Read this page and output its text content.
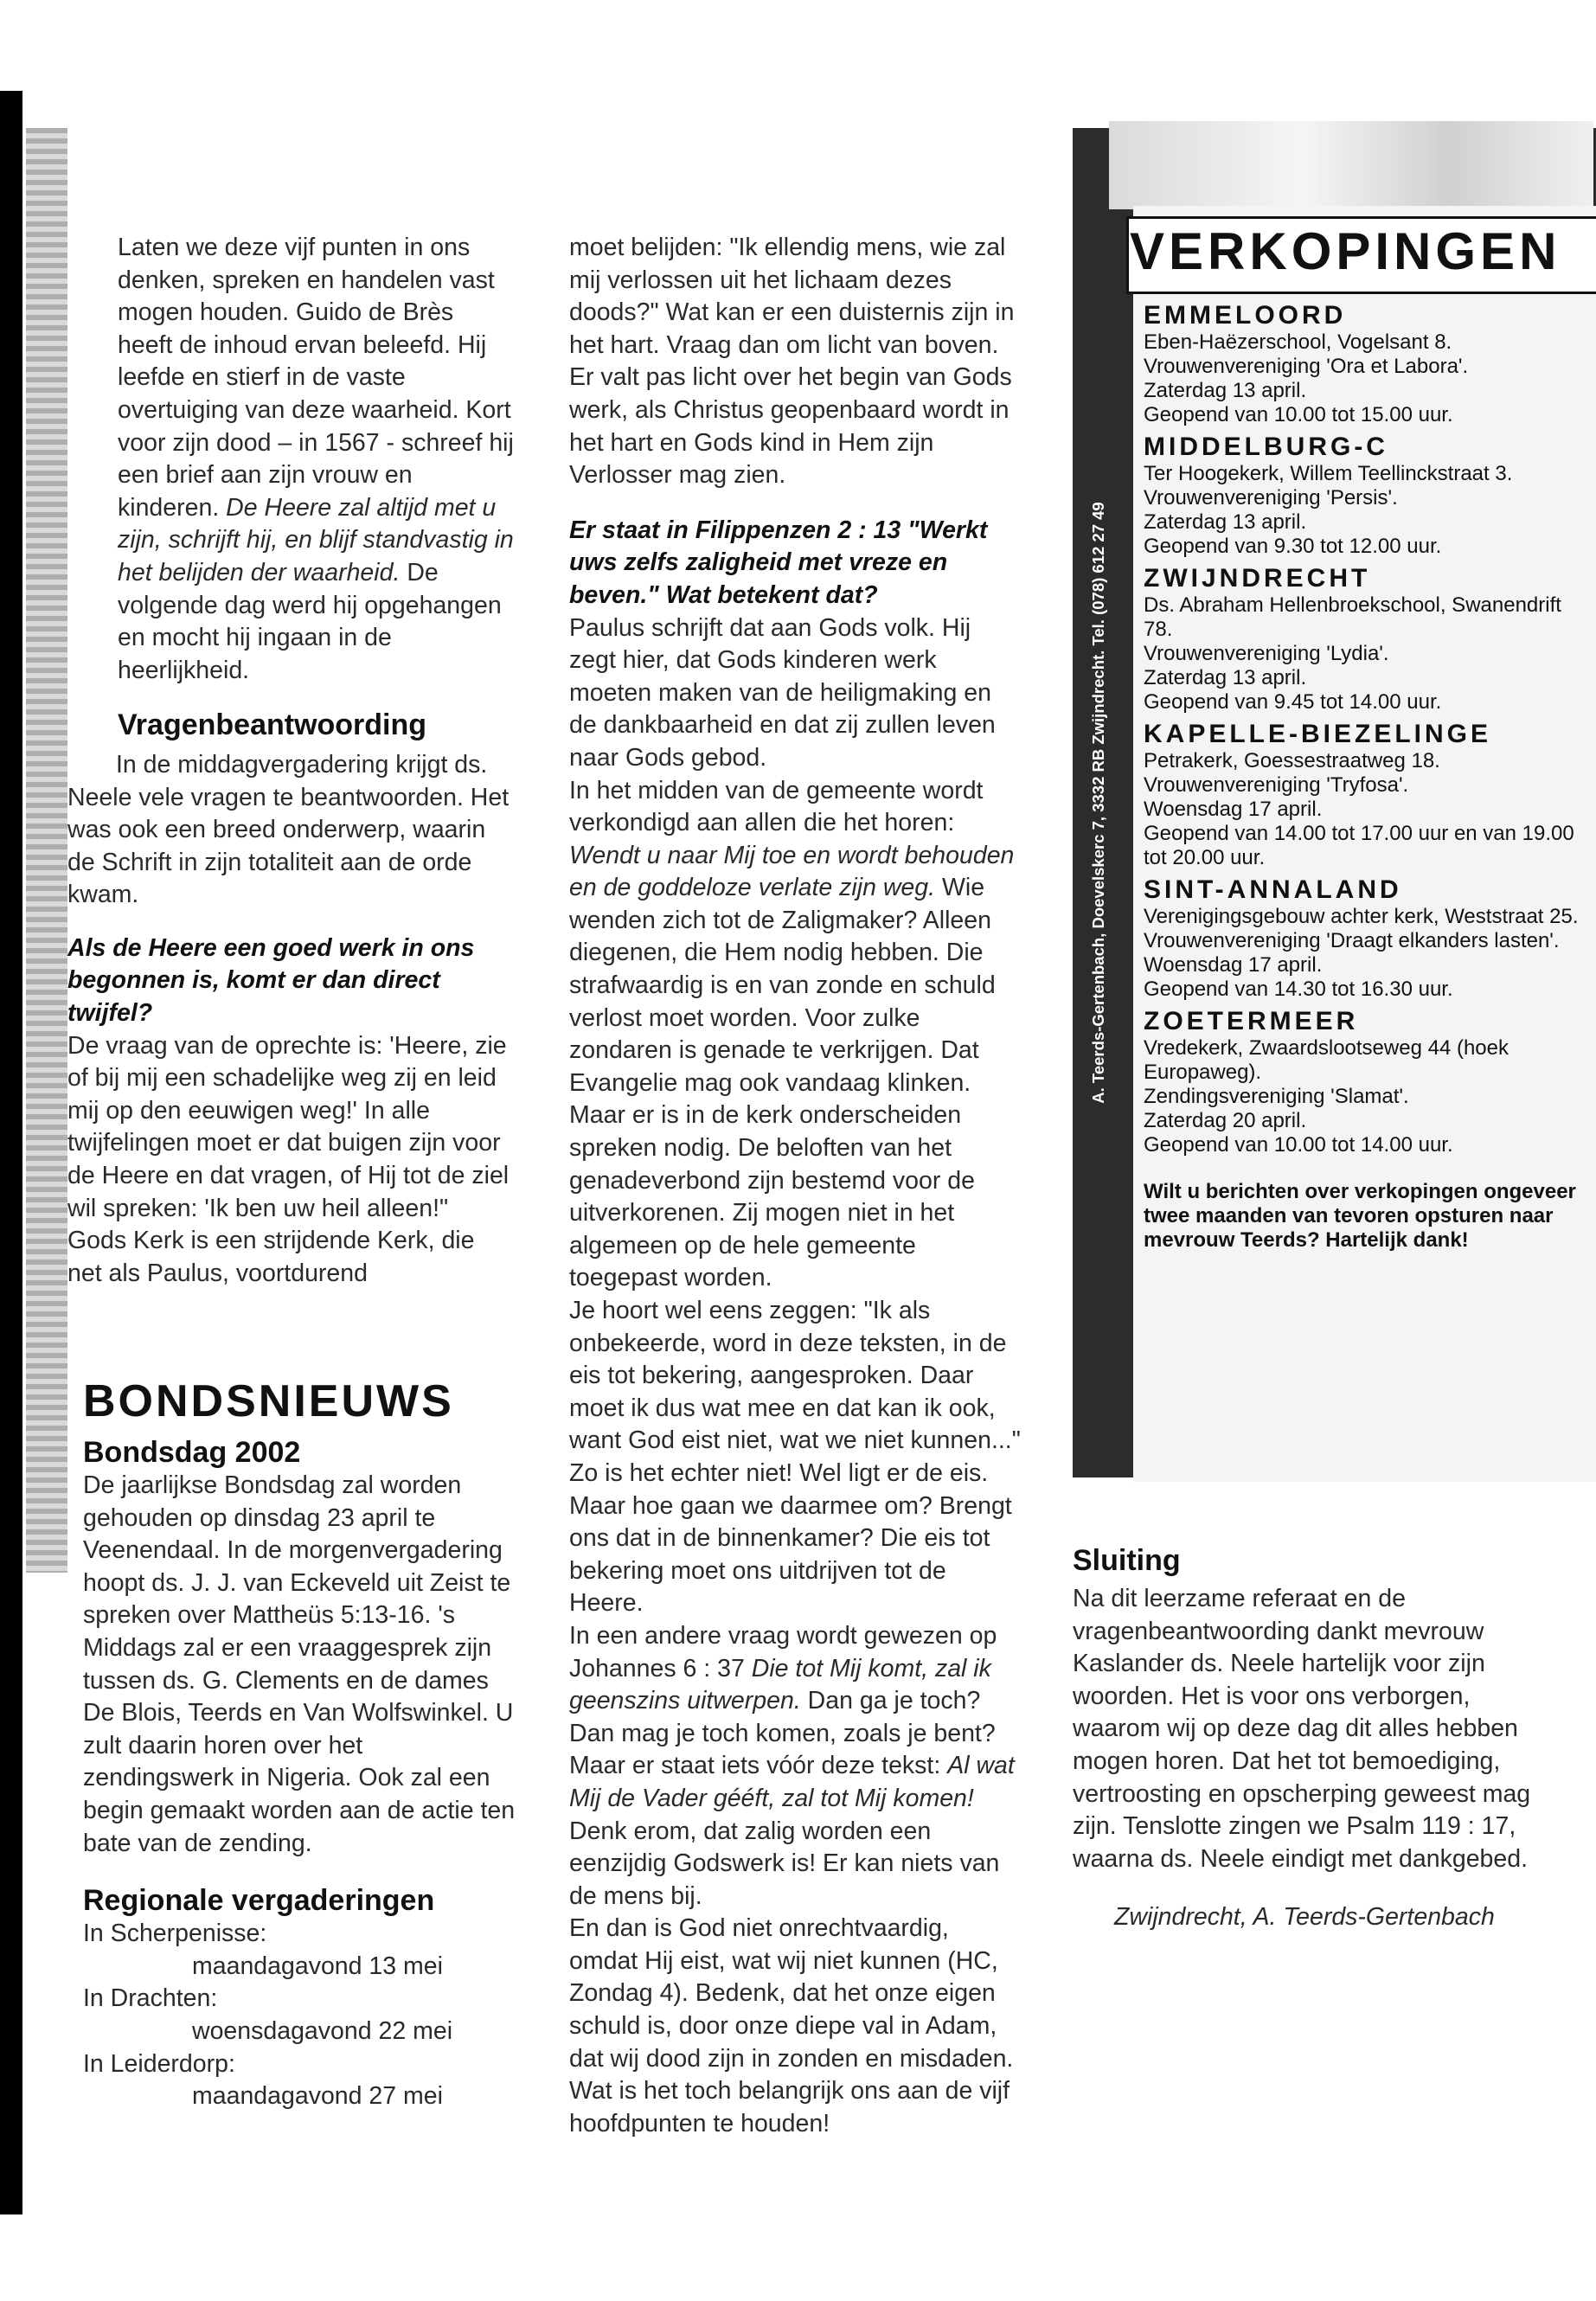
Laten we deze vijf punten in ons denken, spreken en handelen vast mogen houden. Guido de Brès heeft de inhoud ervan beleefd. Hij leefde en stierf in de vaste overtuiging van deze waarheid. Kort voor zijn dood – in 1567 - schreef hij een brief aan zijn vrouw en kinderen. De Heere zal altijd met u zijn, schrijft hij, en blijf standvastig in het belijden der waarheid. De volgende dag werd hij opgehangen en mocht hij ingaan in de heerlijkheid.

Vragenbeantwoording

In de middagvergadering krijgt ds. Neele vele vragen te beantwoorden. Het was ook een breed onderwerp, waarin de Schrift in zijn totaliteit aan de orde kwam.

Als de Heere een goed werk in ons begonnen is, komt er dan direct twijfel?

De vraag van de oprechte is: 'Heere, zie of bij mij een schadelijke weg zij en leid mij op den eeuwigen weg!' In alle twijfelingen moet er dat buigen zijn voor de Heere en dat vragen, of Hij tot de ziel wil spreken: 'Ik ben uw heil alleen!" Gods Kerk is een strijdende Kerk, die net als Paulus, voortdurend

BONDSNIEUWS
Bondsdag 2002
De jaarlijkse Bondsdag zal worden gehouden op dinsdag 23 april te Veenendaal. In de morgenvergadering hoopt ds. J. J. van Eckeveld uit Zeist te spreken over Mattheüs 5:13-16. 's Middags zal er een vraaggesprek zijn tussen ds. G. Clements en de dames De Blois, Teerds en Van Wolfswinkel. U zult daarin horen over het zendingswerk in Nigeria. Ook zal een begin gemaakt worden aan de actie ten bate van de zending.
Regionale vergaderingen
In Scherpenisse:
maandagavond 13 mei
In Drachten:
woensdagavond 22 mei
In Leiderdorp:
maandagavond 27 mei

moet belijden: "Ik ellendig mens, wie zal mij verlossen uit het lichaam dezes doods?" Wat kan er een duisternis zijn in het hart. Vraag dan om licht van boven. Er valt pas licht over het begin van Gods werk, als Christus geopenbaard wordt in het hart en Gods kind in Hem zijn Verlosser mag zien.

Er staat in Filippenzen 2 : 13 "Werkt uws zelfs zaligheid met vreze en beven." Wat betekent dat?

Paulus schrijft dat aan Gods volk. Hij zegt hier, dat Gods kinderen werk moeten maken van de heiligmaking en de dankbaarheid en dat zij zullen leven naar Gods gebod.

In het midden van de gemeente wordt verkondigd aan allen die het horen: Wendt u naar Mij toe en wordt behouden en de goddeloze verlate zijn weg. Wie wenden zich tot de Zaligmaker? Alleen diegenen, die Hem nodig hebben. Die strafwaardig is en van zonde en schuld verlost moet worden. Voor zulke zondaren is genade te verkrijgen. Dat Evangelie mag ook vandaag klinken. Maar er is in de kerk onderscheiden spreken nodig. De beloften van het genadeverbond zijn bestemd voor de uitverkorenen. Zij mogen niet in het algemeen op de hele gemeente toegepast worden.

Je hoort wel eens zeggen: "Ik als onbekeerde, word in deze teksten, in de eis tot bekering, aangesproken. Daar moet ik dus wat mee en dat kan ik ook, want God eist niet, wat we niet kunnen..." Zo is het echter niet! Wel ligt er de eis. Maar hoe gaan we daarmee om? Brengt ons dat in de binnenkamer? Die eis tot bekering moet ons uitdrijven tot de Heere.

In een andere vraag wordt gewezen op Johannes 6 : 37 Die tot Mij komt, zal ik geenszins uitwerpen. Dan ga je toch? Dan mag je toch komen, zoals je bent? Maar er staat iets vóór deze tekst: Al wat Mij de Vader gééft, zal tot Mij komen! Denk erom, dat zalig worden een eenzijdig Godswerk is! Er kan niets van de mens bij.

En dan is God niet onrechtvaardig, omdat Hij eist, wat wij niet kunnen (HC, Zondag 4). Bedenk, dat het onze eigen schuld is, door onze diepe val in Adam, dat wij dood zijn in zonden en misdaden. Wat is het toch belangrijk ons aan de vijf hoofdpunten te houden!

A. Teerds-Gertenbach, Doevelskerc 7, 3332 RB Zwijndrecht. Tel. (078) 612 27 49
VERKOPINGEN
EMMELOORD
Eben-Haëzerschool, Vogelsant 8.
Vrouwenvereniging 'Ora et Labora'.
Zaterdag 13 april.
Geopend van 10.00 tot 15.00 uur.
MIDDELBURG-C
Ter Hoogekerk, Willem Teellinckstraat 3.
Vrouwenvereniging 'Persis'.
Zaterdag 13 april.
Geopend van 9.30 tot 12.00 uur.
ZWIJNDRECHT
Ds. Abraham Hellenbroekschool, Swanendrift 78.
Vrouwenvereniging 'Lydia'.
Zaterdag 13 april.
Geopend van 9.45 tot 14.00 uur.
KAPELLE-BIEZELINGE
Petrakerk, Goessestraatweg 18.
Vrouwenvereniging 'Tryfosa'.
Woensdag 17 april.
Geopend van 14.00 tot 17.00 uur en van 19.00 tot 20.00 uur.
SINT-ANNALAND
Verenigingsgebouw achter kerk, Weststraat 25.
Vrouwenvereniging 'Draagt elkanders lasten'.
Woensdag 17 april.
Geopend van 14.30 tot 16.30 uur.
ZOETERMEER
Vredekerk, Zwaardslootseweg 44 (hoek Europaweg).
Zendingsvereniging 'Slamat'.
Zaterdag 20 april.
Geopend van 10.00 tot 14.00 uur.
Wilt u berichten over verkopingen ongeveer twee maanden van tevoren opsturen naar mevrouw Teerds? Hartelijk dank!
Sluiting
Na dit leerzame referaat en de vragenbeantwoording dankt mevrouw Kaslander ds. Neele hartelijk voor zijn woorden. Het is voor ons verborgen, waarom wij op deze dag dit alles hebben mogen horen. Dat het tot bemoediging, vertroosting en opscherping geweest mag zijn. Tenslotte zingen we Psalm 119 : 17, waarna ds. Neele eindigt met dankgebed.
Zwijndrecht, A. Teerds-Gertenbach
